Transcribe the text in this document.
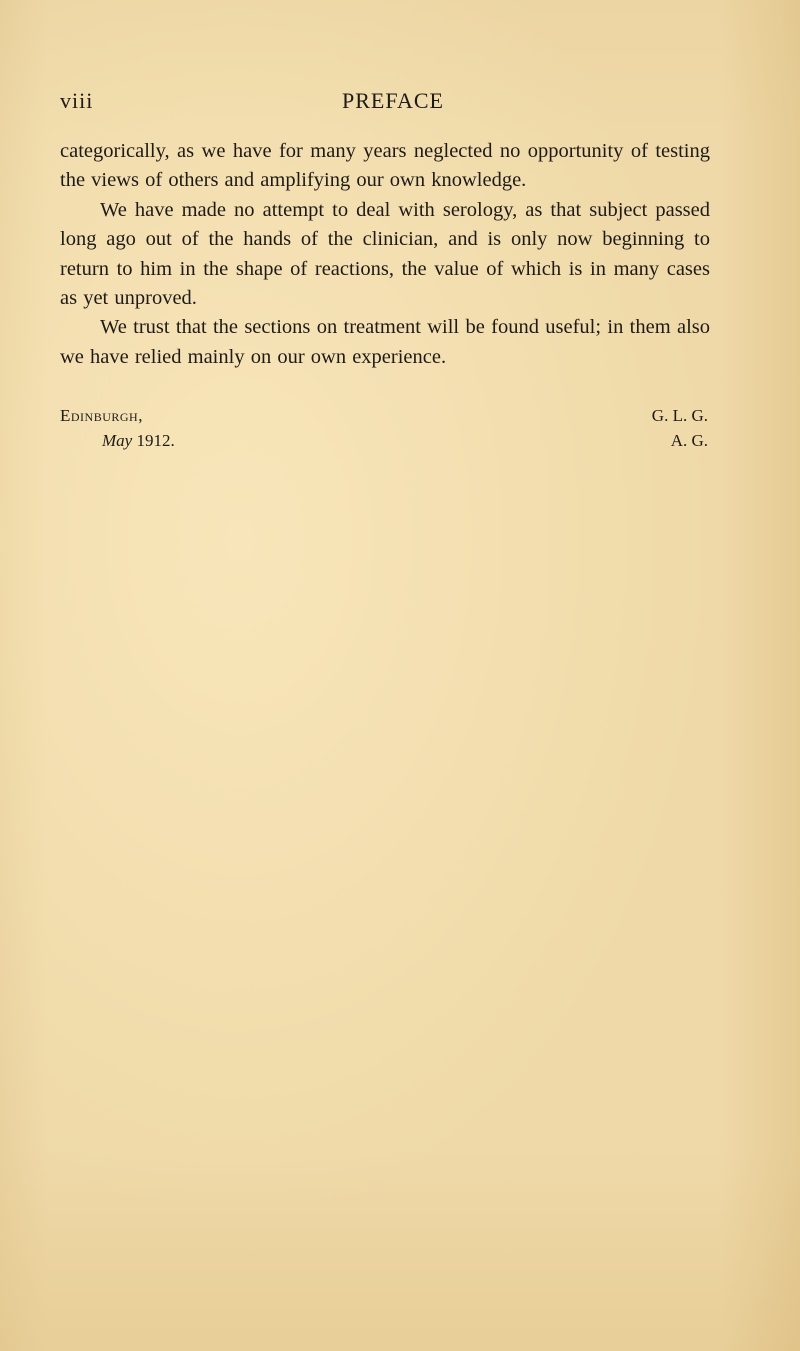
viii	PREFACE

categorically, as we have for many years neglected no opportunity of testing the views of others and amplifying our own knowledge.

We have made no attempt to deal with serology, as that subject passed long ago out of the hands of the clinician, and is only now beginning to return to him in the shape of reactions, the value of which is in many cases as yet unproved.

We trust that the sections on treatment will be found useful; in them also we have relied mainly on our own experience.

Edinburgh,
May 1912.
G. L. G.
A. G.
